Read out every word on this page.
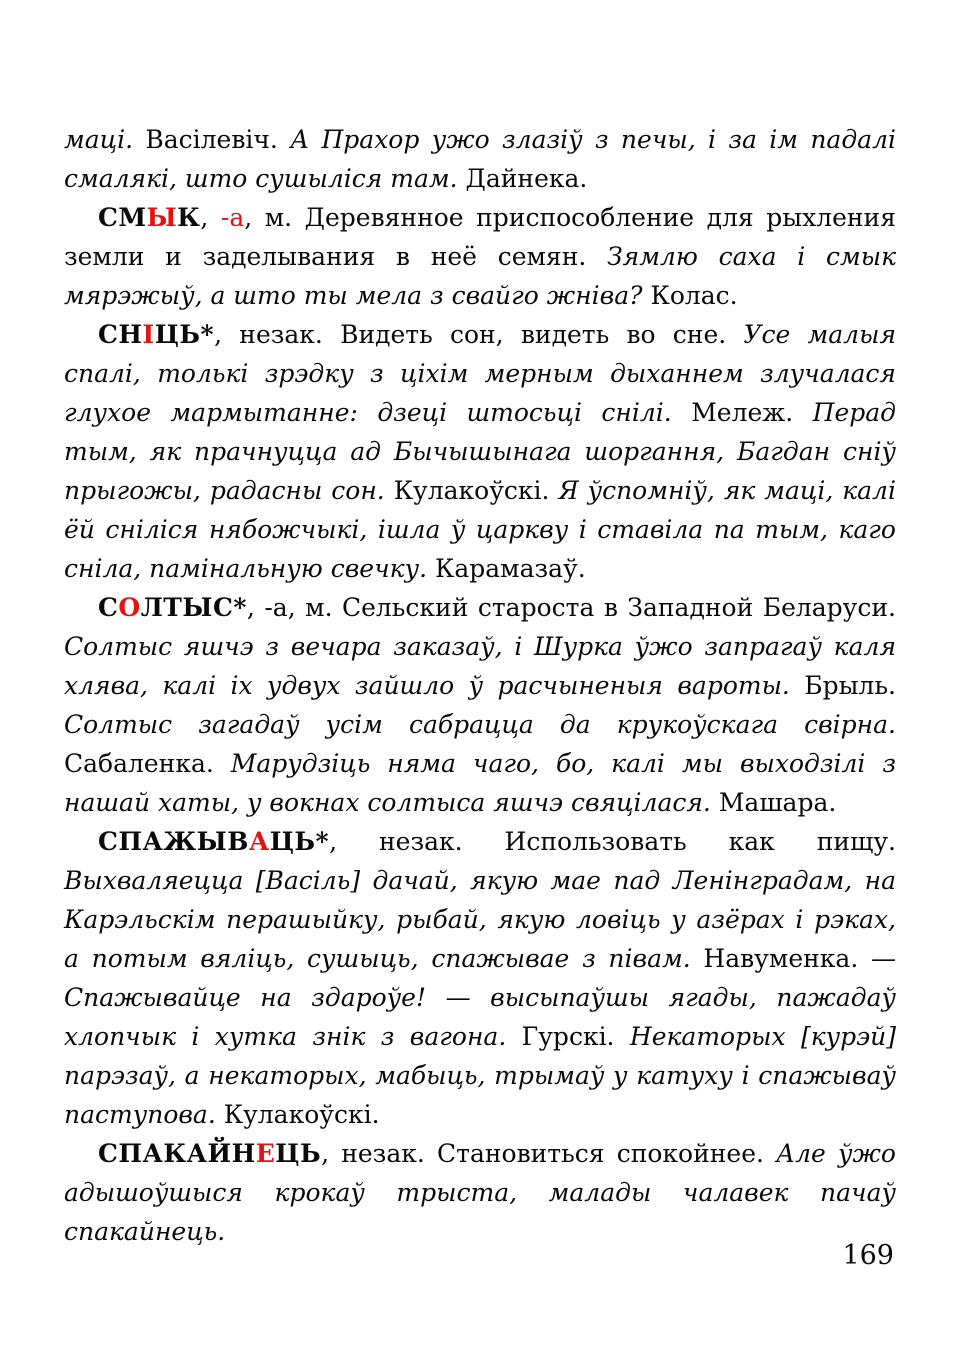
маці. Васілевіч. А Прахор ужо злазіў з печы, і за ім падалі смалякі, што сушыліся там. Дайнека.

СМЫК, -а, м. Деревянное приспособление для рыхления земли и заделывания в неё семян. Зямлю саха і смык мярэжыў, а што ты мела з свайго жніва? Колас.

СНІЦЬ*, незак. Видеть сон, видеть во сне. Усе малыя спалі, толькі зрэдку з ціхім мерным дыханнем злучалася глухое мармытанне: дзеці штосьці снілі. Мележ. Перад тым, як прачнуцца ад Бычышынага шоргання, Багдан сніў прыгожы, радасны сон. Кулакоўскі. Я ўспомніў, як маці, калі ёй сніліся нябожчыкі, ішла ў царкву і ставіла па тым, каго сніла, памінальную свечку. Карамазаў.

СОЛТЫС*, -а, м. Сельский староста в Западной Беларуси. Солтыс яшчэ з вечара заказаў, і Шурка ўжо запрагаў каля хлява, калі іх удвух зайшло ў расчыненыя вароты. Брыль. Солтыс загадаў усім сабрацца да крукоўскага свірна. Сабаленка. Марудзіць няма чаго, бо, калі мы выходзілі з нашай хаты, у вокнах солтыса яшчэ свяцілася. Машара.

СПАЖЫВАЦЬ*, незак. Использовать как пищу. Выхваляецца [Васіль] дачай, якую мае пад Ленінградам, на Карэльскім перашыйку, рыбай, якую ловіць у азёрах і рэках, а потым вяліць, сушыць, спажывае з півам. Навуменка. — Спажывайце на здароўе! — высыпаўшы ягады, пажадаў хлопчык і хутка знік з вагона. Гурскі. Некаторых [курэй] парэзаў, а некаторых, мабыць, трымаў у катуху і спажываў паступова. Кулакоўскі.

СПАКАЙНЕЦЬ, незак. Становиться спокойнее. Але ўжо адышоўшыся крокаў трыста, малады чалавек пачаў спакайнець.

169
